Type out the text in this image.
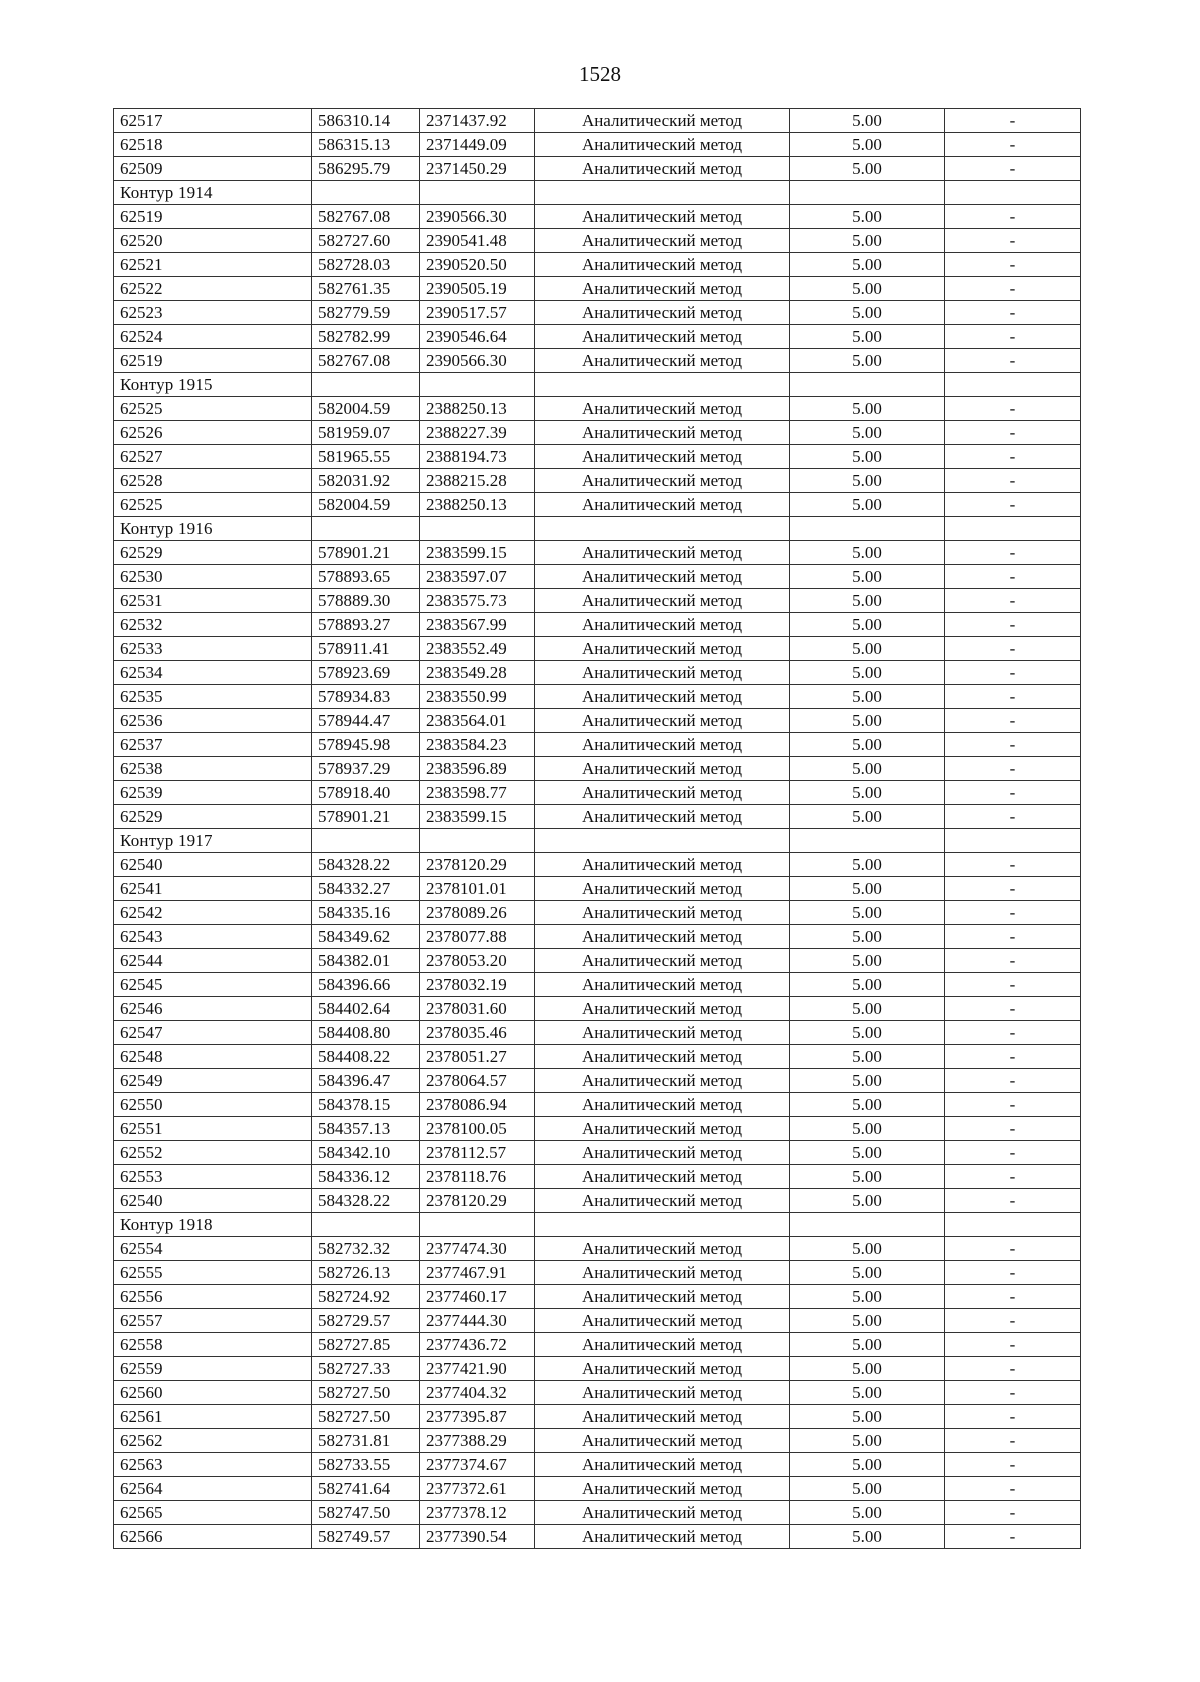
1528
62517	586310.14	2371437.92	Аналитический метод	5.00	-
62518	586315.13	2371449.09	Аналитический метод	5.00	-
62509	586295.79	2371450.29	Аналитический метод	5.00	-
Контур 1914					
62519	582767.08	2390566.30	Аналитический метод	5.00	-
62520	582727.60	2390541.48	Аналитический метод	5.00	-
62521	582728.03	2390520.50	Аналитический метод	5.00	-
62522	582761.35	2390505.19	Аналитический метод	5.00	-
62523	582779.59	2390517.57	Аналитический метод	5.00	-
62524	582782.99	2390546.64	Аналитический метод	5.00	-
62519	582767.08	2390566.30	Аналитический метод	5.00	-
Контур 1915					
62525	582004.59	2388250.13	Аналитический метод	5.00	-
62526	581959.07	2388227.39	Аналитический метод	5.00	-
62527	581965.55	2388194.73	Аналитический метод	5.00	-
62528	582031.92	2388215.28	Аналитический метод	5.00	-
62525	582004.59	2388250.13	Аналитический метод	5.00	-
Контур 1916					
62529	578901.21	2383599.15	Аналитический метод	5.00	-
62530	578893.65	2383597.07	Аналитический метод	5.00	-
62531	578889.30	2383575.73	Аналитический метод	5.00	-
62532	578893.27	2383567.99	Аналитический метод	5.00	-
62533	578911.41	2383552.49	Аналитический метод	5.00	-
62534	578923.69	2383549.28	Аналитический метод	5.00	-
62535	578934.83	2383550.99	Аналитический метод	5.00	-
62536	578944.47	2383564.01	Аналитический метод	5.00	-
62537	578945.98	2383584.23	Аналитический метод	5.00	-
62538	578937.29	2383596.89	Аналитический метод	5.00	-
62539	578918.40	2383598.77	Аналитический метод	5.00	-
62529	578901.21	2383599.15	Аналитический метод	5.00	-
Контур 1917					
62540	584328.22	2378120.29	Аналитический метод	5.00	-
62541	584332.27	2378101.01	Аналитический метод	5.00	-
62542	584335.16	2378089.26	Аналитический метод	5.00	-
62543	584349.62	2378077.88	Аналитический метод	5.00	-
62544	584382.01	2378053.20	Аналитический метод	5.00	-
62545	584396.66	2378032.19	Аналитический метод	5.00	-
62546	584402.64	2378031.60	Аналитический метод	5.00	-
62547	584408.80	2378035.46	Аналитический метод	5.00	-
62548	584408.22	2378051.27	Аналитический метод	5.00	-
62549	584396.47	2378064.57	Аналитический метод	5.00	-
62550	584378.15	2378086.94	Аналитический метод	5.00	-
62551	584357.13	2378100.05	Аналитический метод	5.00	-
62552	584342.10	2378112.57	Аналитический метод	5.00	-
62553	584336.12	2378118.76	Аналитический метод	5.00	-
62540	584328.22	2378120.29	Аналитический метод	5.00	-
Контур 1918					
62554	582732.32	2377474.30	Аналитический метод	5.00	-
62555	582726.13	2377467.91	Аналитический метод	5.00	-
62556	582724.92	2377460.17	Аналитический метод	5.00	-
62557	582729.57	2377444.30	Аналитический метод	5.00	-
62558	582727.85	2377436.72	Аналитический метод	5.00	-
62559	582727.33	2377421.90	Аналитический метод	5.00	-
62560	582727.50	2377404.32	Аналитический метод	5.00	-
62561	582727.50	2377395.87	Аналитический метод	5.00	-
62562	582731.81	2377388.29	Аналитический метод	5.00	-
62563	582733.55	2377374.67	Аналитический метод	5.00	-
62564	582741.64	2377372.61	Аналитический метод	5.00	-
62565	582747.50	2377378.12	Аналитический метод	5.00	-
62566	582749.57	2377390.54	Аналитический метод	5.00	-
